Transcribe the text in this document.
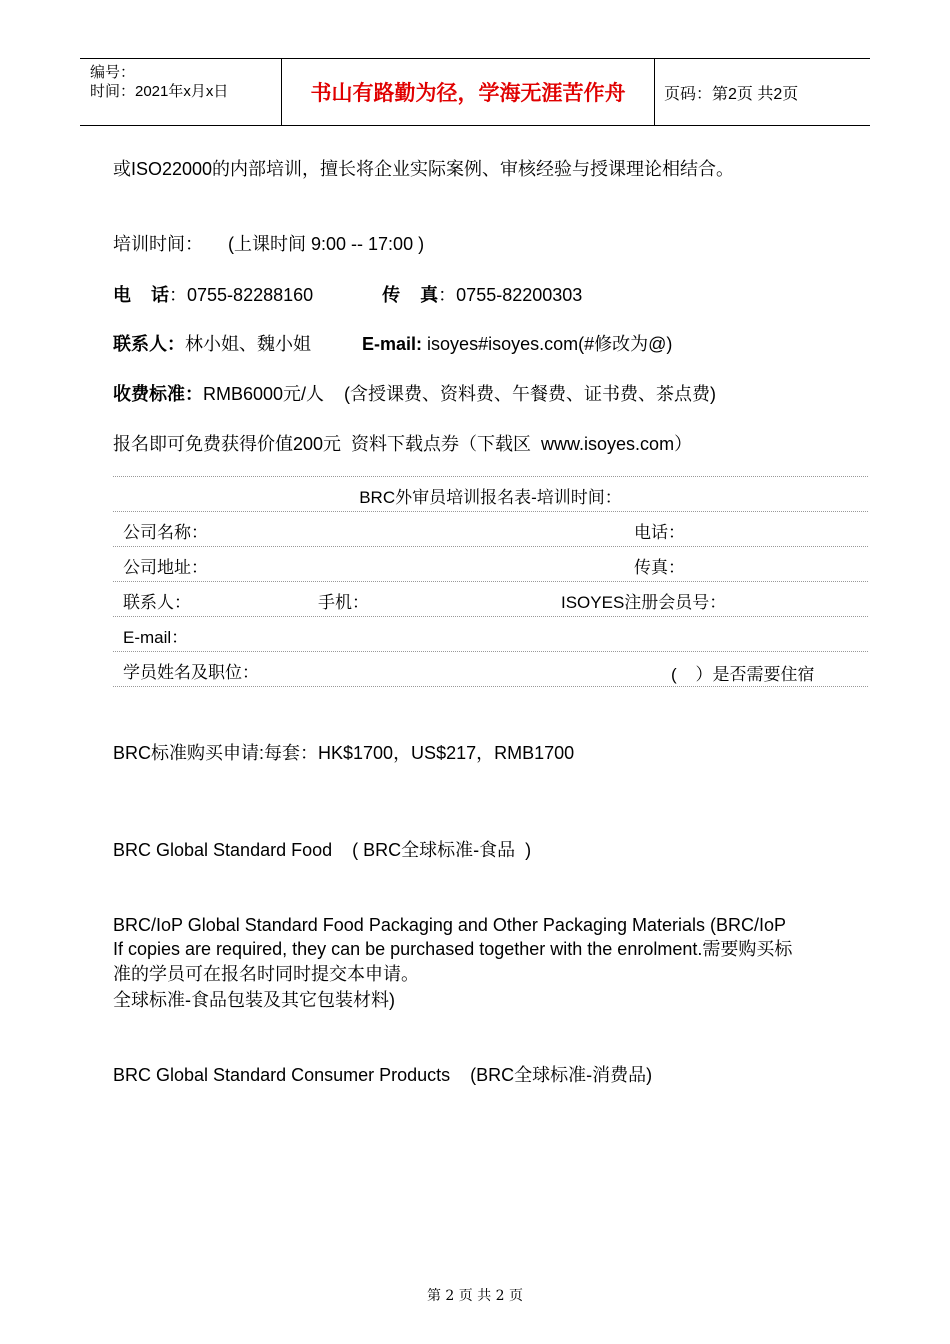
编号：
时间：2021年x月x日	书山有路勤为径，学海无涯苦作舟	页码：第2页 共2页
或ISO22000的内部培训，擅长将企业实际案例、审核经验与授课理论相结合。
培训时间： (上课时间 9:00 -- 17:00 )
电    话：0755-82288160	传    真：0755-82200303
联系人：林小姐、魏小姐	E-mail: isoyes#isoyes.com(#修改为@)
收费标准：RMB6000元/人    (含授课费、资料费、午餐费、证书费、茶点费)
报名即可免费获得价值200元  资料下载点券（下载区  www.isoyes.com）
BRC外审员培训报名表-培训时间：
公司名称：	电话：
公司地址：	传真：
联系人：	手机：	ISOYES注册会员号：
E-mail：
学员姓名及职位：	(    ）是否需要住宿
BRC标准购买申请:每套：HK$1700，US$217，RMB1700

BRC Global Standard Food    ( BRC全球标准-食品  )

BRC/IoP Global Standard Food Packaging and Other Packaging Materials (BRC/IoP

全球标准-食品包装及其它包装材料)

BRC Global Standard Consumer Products    (BRC全球标准-消费品)

If copies are required, they can be purchased together with the enrolment.需要购买标
准的学员可在报名时同时提交本申请。
第 2 页 共 2 页
